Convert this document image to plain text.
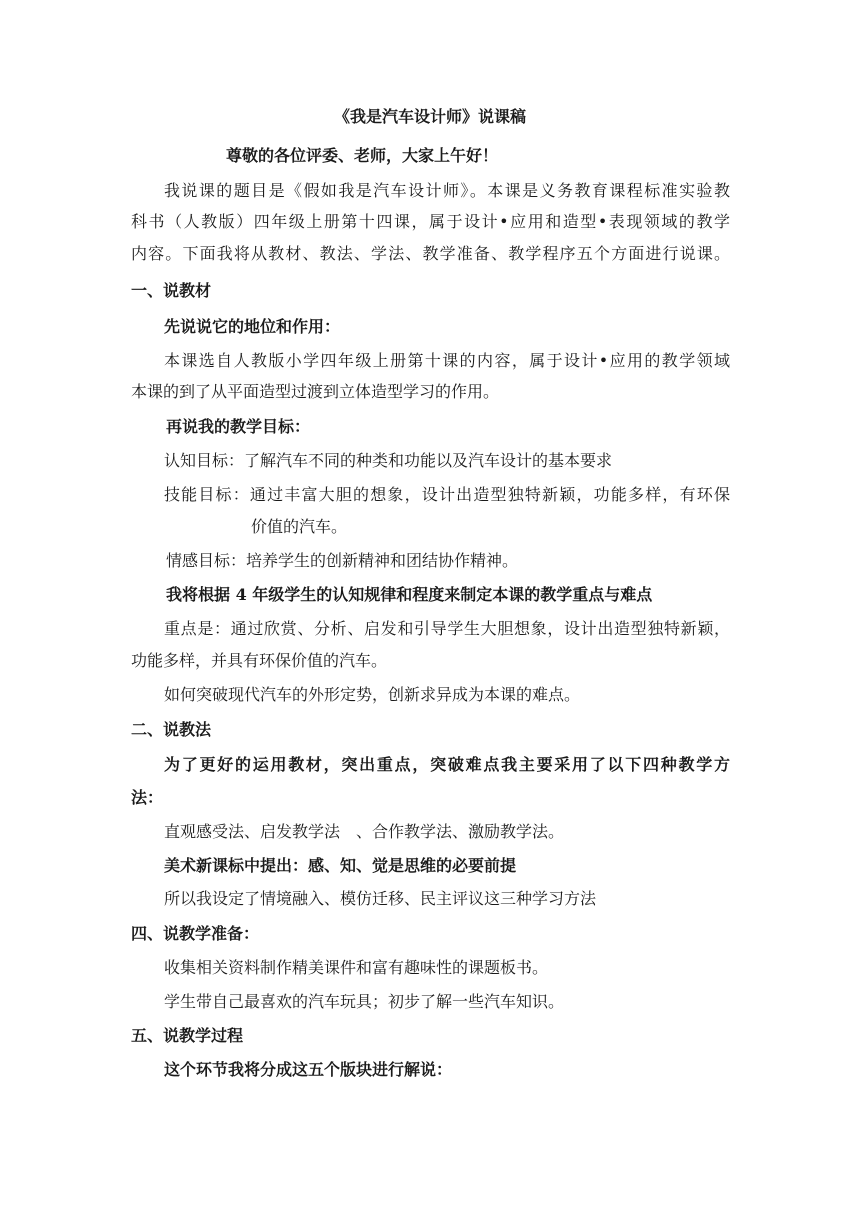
《我是汽车设计师》说课稿
尊敬的各位评委、老师，大家上午好！
我说课的题目是《假如我是汽车设计师》。本课是义务教育课程标准实验教
科书（人教版）四年级上册第十四课，属于设计•应用和造型•表现领域的教学
内容。下面我将从教材、教法、学法、教学准备、教学程序五个方面进行说课。
一、说教材
先说说它的地位和作用：
本课选自人教版小学四年级上册第十课的内容，属于设计•应用的教学领域
本课的到了从平面造型过渡到立体造型学习的作用。
再说我的教学目标：
认知目标：了解汽车不同的种类和功能以及汽车设计的基本要求
技能目标：通过丰富大胆的想象，设计出造型独特新颖，功能多样，有环保
价值的汽车。
情感目标：培养学生的创新精神和团结协作精神。
我将根据 4 年级学生的认知规律和程度来制定本课的教学重点与难点
重点是：通过欣赏、分析、启发和引导学生大胆想象，设计出造型独特新颖，
功能多样，并具有环保价值的汽车。
如何突破现代汽车的外形定势，创新求异成为本课的难点。
二、说教法
为了更好的运用教材，突出重点，突破难点我主要采用了以下四种教学方
法：
直观感受法、启发教学法　、合作教学法、激励教学法。
美术新课标中提出：感、知、觉是思维的必要前提
所以我设定了情境融入、模仿迁移、民主评议这三种学习方法
四、说教学准备：
收集相关资料制作精美课件和富有趣味性的课题板书。
学生带自己最喜欢的汽车玩具；初步了解一些汽车知识。
五、说教学过程
这个环节我将分成这五个版块进行解说：
